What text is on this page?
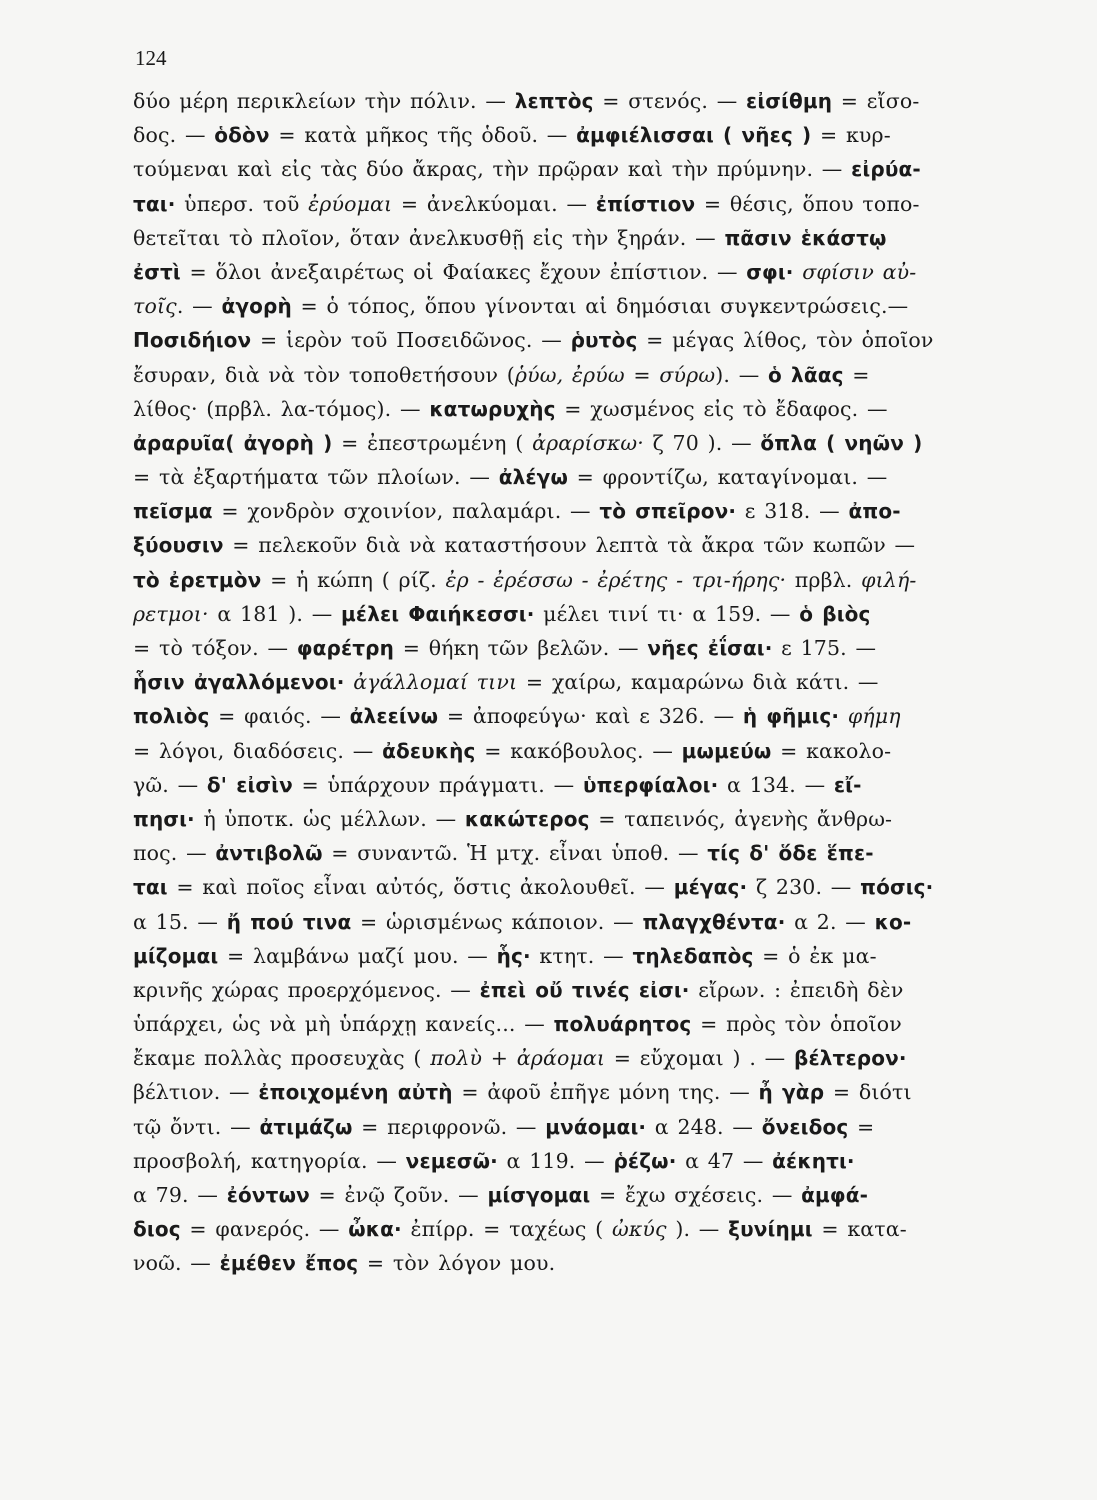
124
δύο μέρη περικλείων τὴν πόλιν. — λεπτὸς = στενός. — εἰσίθμη = εἴσο-
δος. — ὁδὸν = κατὰ μῆκος τῆς ὁδοῦ. — ἀμφιέλισσαι ( νῆες ) = κυρ-
τούμεναι καὶ εἰς τὰς δύο ἄκρας, τὴν πρῷραν καὶ τὴν πρύμνην. — εἰρύα-
ται· ὑπερσ. τοῦ ἐρύομαι = ἀνελκύομαι. — ἐπίστιον = θέσις, ὅπου τοπο-
θετεῖται τὸ πλοῖον, ὅταν ἀνελκυσθῇ εἰς τὴν ξηράν. — πᾶσιν ἑκάστῳ
ἐστὶ = ὅλοι ἀνεξαιρέτως οἱ Φαίακες ἔχουν ἐπίστιον. — σφι· σφίσιν αὐ-
τοῖς. — ἀγορὴ = ὁ τόπος, ὅπου γίνονται αἱ δημόσιαι συγκεντρώσεις.—
Ποσιδήιον = ἱερὸν τοῦ Ποσειδῶνος. — ῥυτὸς = μέγας λίθος, τὸν ὁποῖον
ἔσυραν, διὰ νὰ τὸν τοποθετήσουν (ῥύω, ἐρύω = σύρω). — ὁ λᾶας =
λίθος· (πρβλ. λα-τόμος). — κατωρυχὴς = χωσμένος εἰς τὸ ἔδαφος. —
ἀραρυῖα( ἀγορὴ ) = ἐπεστρωμένη ( ἀραρίσκω· ζ 70 ). — ὅπλα ( νηῶν )
= τὰ ἐξαρτήματα τῶν πλοίων. — ἀλέγω = φροντίζω, καταγίνομαι. —
πεῖσμα = χονδρὸν σχοινίον, παλαμάρι. — τὸ σπεῖρον· ε 318. — ἀπο-
ξύουσιν = πελεκοῦν διὰ νὰ καταστήσουν λεπτὰ τὰ ἄκρα τῶν κωπῶν —
τὸ ἐρετμὸν = ἡ κώπη ( ρίζ. ἐρ - ἐρέσσω - ἐρέτης - τρι-ήρης· πρβλ. φιλή-
ρετμοι· α 181 ). — μέλει Φαιήκεσσι· μέλει τινί τι· α 159. — ὁ βιὸς
= τὸ τόξον. — φαρέτρη = θήκη τῶν βελῶν. — νῆες ἐΐσαι· ε 175. —
ἧσιν ἀγαλλόμενοι· ἀγάλλομαί τινι = χαίρω, καμαρώνω διὰ κάτι. —
πολιὸς = φαιός. — ἀλεείνω = ἀποφεύγω· καὶ ε 326. — ἡ φῆμις· φήμη
= λόγοι, διαδόσεις. — ἀδευκὴς = κακόβουλος. — μωμεύω = κακολο-
γῶ. — δ' εἰσὶν = ὑπάρχουν πράγματι. — ὑπερφίαλοι· α 134. — εἴ-
πησι· ἡ ὑποτκ. ὡς μέλλων. — κακώτερος = ταπεινός, ἀγενὴς ἄνθρω-
πος. — ἀντιβολῶ = συναντῶ. Ἡ μτχ. εἶναι ὑποθ. — τίς δ' ὅδε ἕπε-
ται = καὶ ποῖος εἶναι αὐτός, ὅστις ἀκολουθεῖ. — μέγας· ζ 230. — πόσις·
α 15. — ἤ πού τινα = ὡρισμένως κάποιον. — πλαγχθέντα· α 2. — κο-
μίζομαι = λαμβάνω μαζί μου. — ἧς· κτητ. — τηλεδαπὸς = ὁ ἐκ μα-
κρινῆς χώρας προερχόμενος. — ἐπεὶ οὔ τινές εἰσι· εἴρων. : ἐπειδὴ δὲν
ὑπάρχει, ὡς νὰ μὴ ὑπάρχῃ κανείς... — πολυάρητος = πρὸς τὸν ὁποῖον
ἔκαμε πολλὰς προσευχὰς ( πολὺ + ἀράομαι = εὔχομαι ) . — βέλτερον·
βέλτιον. — ἐποιχομένη αὐτὴ = ἀφοῦ ἐπῆγε μόνη της. — ἦ γὰρ = διότι
τῷ ὄντι. — ἀτιμάζω = περιφρονῶ. — μνάομαι· α 248. — ὄνειδος =
προσβολή, κατηγορία. — νεμεσῶ· α 119. — ῥέζω· α 47 — ἀέκητι·
α 79. — ἐόντων = ἐνῷ ζοῦν. — μίσγομαι = ἔχω σχέσεις. — ἀμφά-
διος = φανερός. — ὦκα· ἐπίρρ. = ταχέως ( ὠκύς ). — ξυνίημι = κατα-
νοῶ. — ἐμέθεν ἔπος = τὸν λόγον μου.
